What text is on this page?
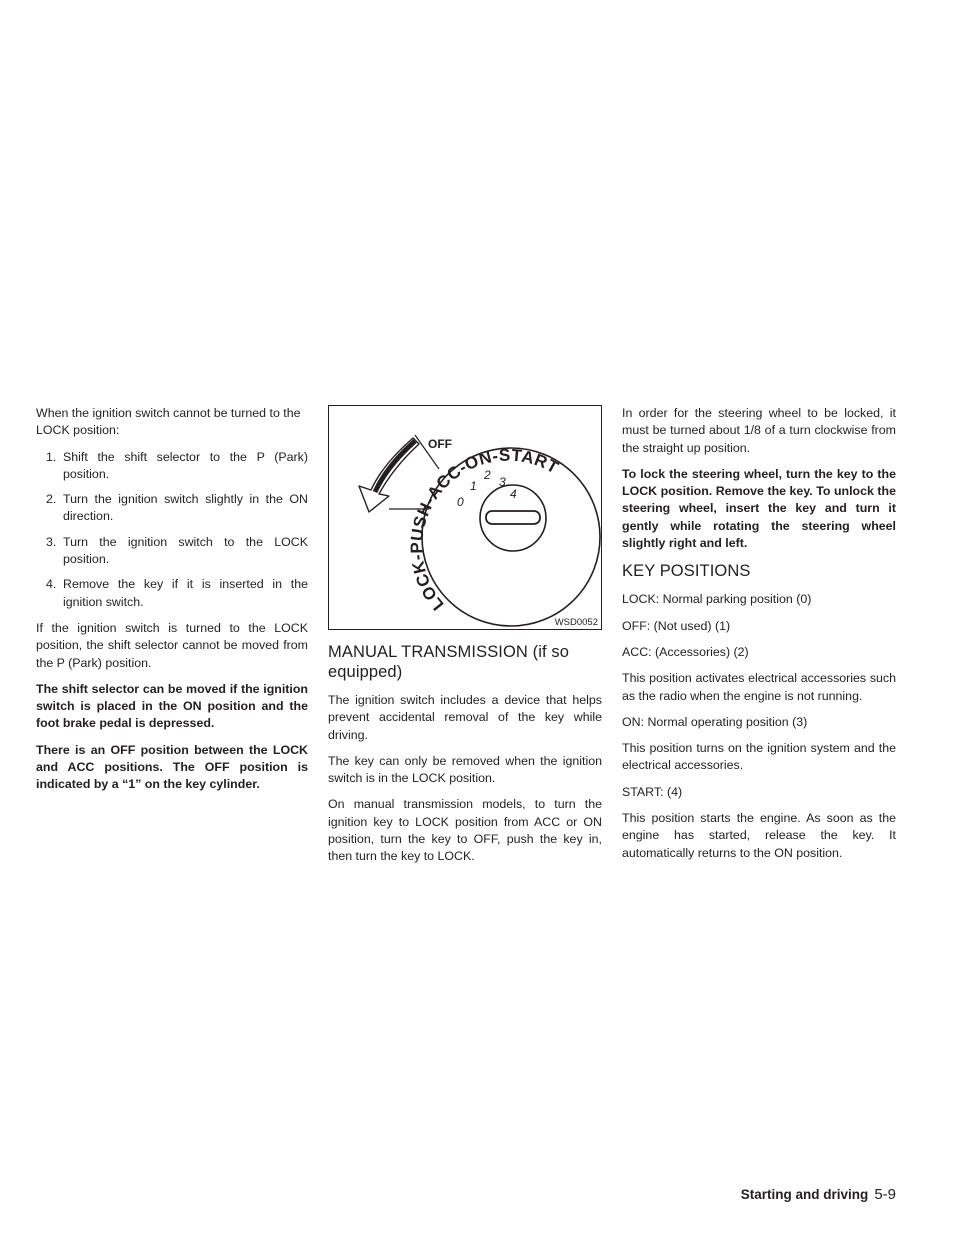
When the ignition switch cannot be turned to the LOCK position:

1. Shift the shift selector to the P (Park) position.
2. Turn the ignition switch slightly in the ON direction.
3. Turn the ignition switch to the LOCK position.
4. Remove the key if it is inserted in the ignition switch.

If the ignition switch is turned to the LOCK position, the shift selector cannot be moved from the P (Park) position.

The shift selector can be moved if the ignition switch is placed in the ON position and the foot brake pedal is depressed.

There is an OFF position between the LOCK and ACC positions. The OFF position is indicated by a “1” on the key cylinder.

LOCK-PUSH-ACC-ON-START
0
1
2 3
4
OFF
WSD0052
MANUAL TRANSMISSION (if so equipped)

The ignition switch includes a device that helps prevent accidental removal of the key while driving.

The key can only be removed when the ignition switch is in the LOCK position.

On manual transmission models, to turn the ignition key to LOCK position from ACC or ON position, turn the key to OFF, push the key in, then turn the key to LOCK.

In order for the steering wheel to be locked, it must be turned about 1/8 of a turn clockwise from the straight up position.

To lock the steering wheel, turn the key to the LOCK position. Remove the key. To unlock the steering wheel, insert the key and turn it gently while rotating the steering wheel slightly right and left.

KEY POSITIONS

LOCK: Normal parking position (0)

OFF: (Not used) (1)

ACC: (Accessories) (2)

This position activates electrical accessories such as the radio when the engine is not running.

ON: Normal operating position (3)

This position turns on the ignition system and the electrical accessories.

START: (4)

This position starts the engine. As soon as the engine has started, release the key. It automatically returns to the ON position.

Starting and driving 5-9
